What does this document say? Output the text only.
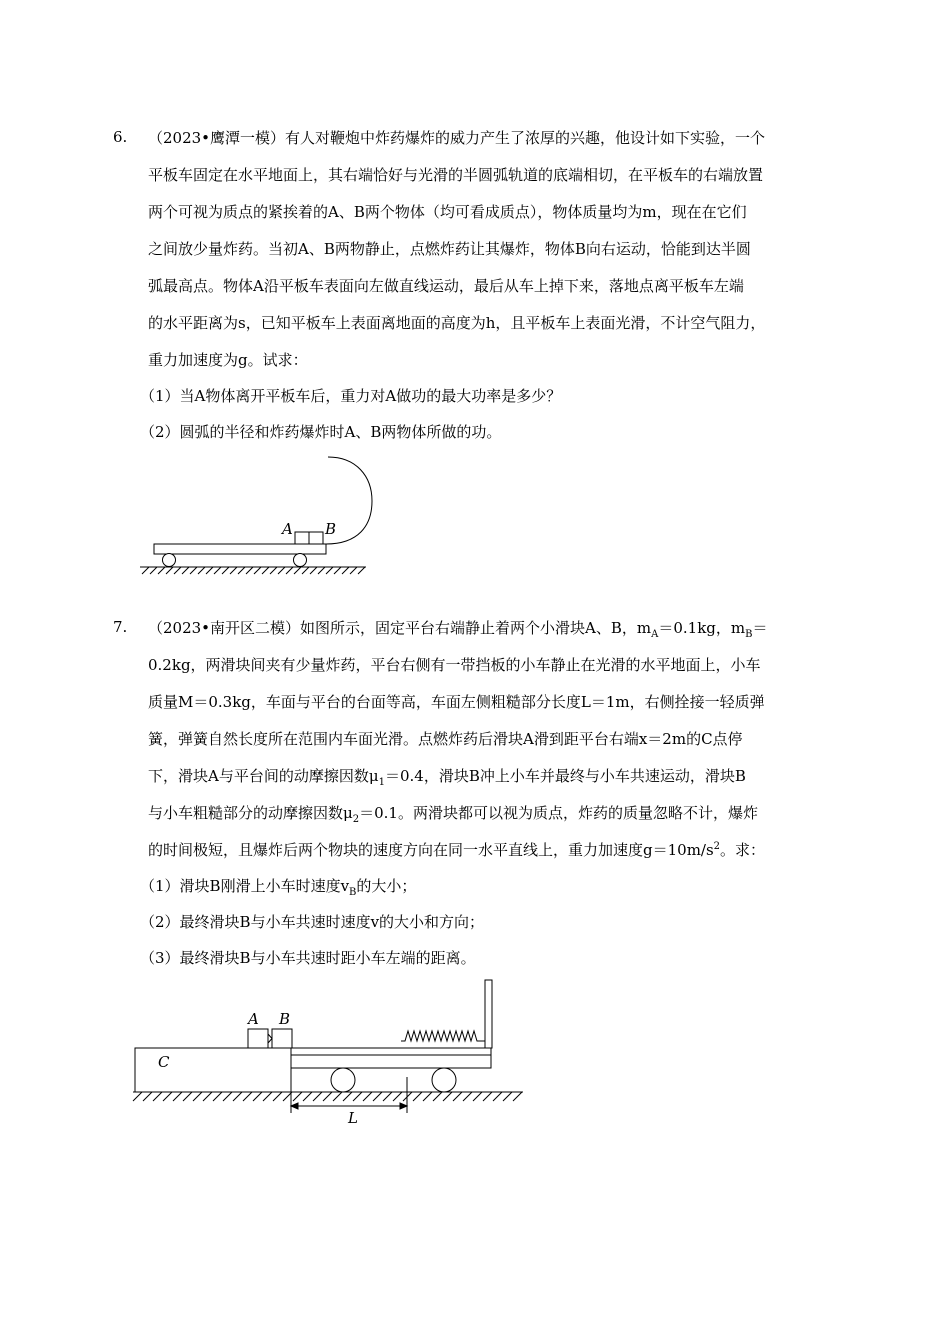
6. （2023•鹰潭一模）有人对鞭炮中炸药爆炸的威力产生了浓厚的兴趣，他设计如下实验，一个
平板车固定在水平地面上，其右端恰好与光滑的半圆弧轨道的底端相切，在平板车的右端放置
两个可视为质点的紧挨着的A、B两个物体（均可看成质点），物体质量均为m，现在在它们
之间放少量炸药。当初A、B两物静止，点燃炸药让其爆炸，物体B向右运动，恰能到达半圆
弧最高点。物体A沿平板车表面向左做直线运动，最后从车上掉下来，落地点离平板车左端
的水平距离为s，已知平板车上表面离地面的高度为h，且平板车上表面光滑，不计空气阻力，
重力加速度为g。试求：
（1）当A物体离开平板车后，重力对A做功的最大功率是多少？
（2）圆弧的半径和炸药爆炸时A、B两物体所做的功。
A B
7. （2023•南开区二模）如图所示，固定平台右端静止着两个小滑块A、B，$m_A=0.1kg$，$m_B=$
0.2kg，两滑块间夹有少量炸药，平台右侧有一带挡板的小车静止在光滑的水平地面上，小车
质量M＝0.3kg，车面与平台的台面等高，车面左侧粗糙部分长度L＝1m，右侧拴接一轻质弹
簧，弹簧自然长度所在范围内车面光滑。点燃炸药后滑块A滑到距平台右端x＝2m的C点停
下，滑块A与平台间的动摩擦因数$\mu_1=0.4$，滑块B冲上小车并最终与小车共速运动，滑块B
与小车粗糙部分的动摩擦因数$\mu_2=0.1$。两滑块都可以视为质点，炸药的质量忽略不计，爆炸
的时间极短，且爆炸后两个物块的速度方向在同一水平直线上，重力加速度$g=10m/s^2$。求：
（1）滑块B刚滑上小车时速度$v_B$的大小；
（2）最终滑块B与小车共速时速度v的大小和方向；
（3）最终滑块B与小车共速时距小车左端的距离。
A B
C
L
